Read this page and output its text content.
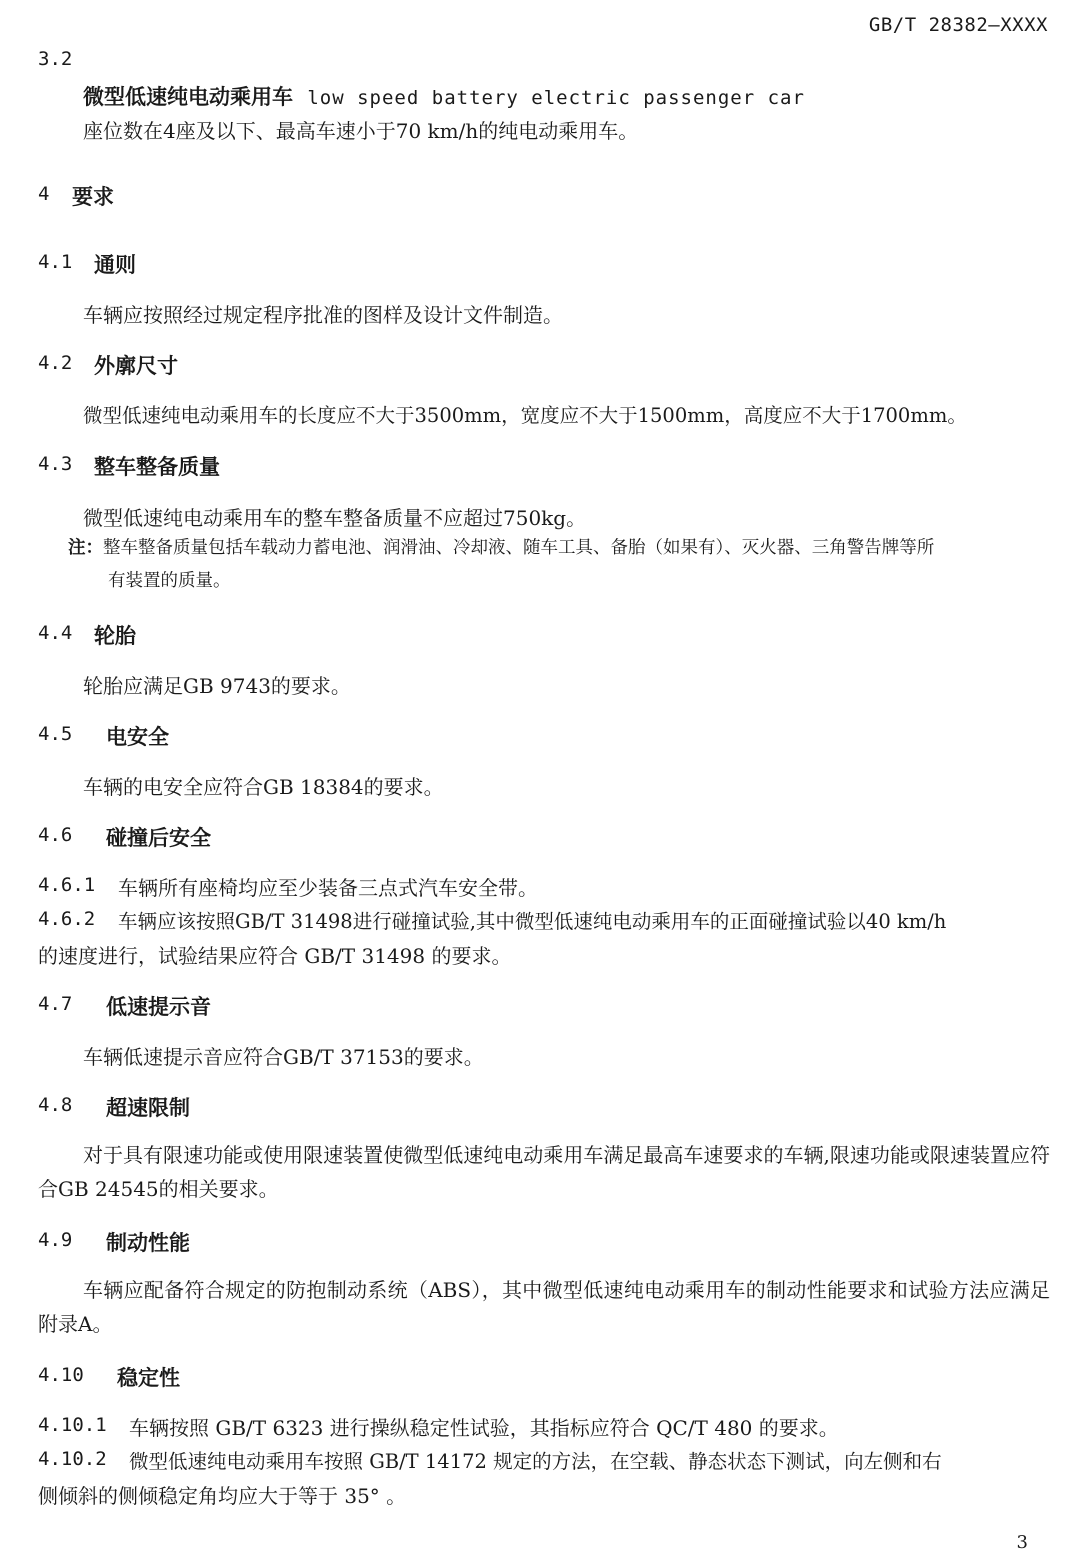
GB/T 28382—XXXX
3.2
微型低速纯电动乘用车 low speed battery electric passenger car
座位数在4座及以下、最高车速小于70 km/h的纯电动乘用车。
4 要求
4.1 通则
车辆应按照经过规定程序批准的图样及设计文件制造。
4.2 外廓尺寸
微型低速纯电动乘用车的长度应不大于3500mm，宽度应不大于1500mm，高度应不大于1700mm。
4.3 整车整备质量
微型低速纯电动乘用车的整车整备质量不应超过750kg。
注：整车整备质量包括车载动力蓄电池、润滑油、冷却液、随车工具、备胎（如果有）、灭火器、三角警告牌等所
有装置的质量。
4.4 轮胎
轮胎应满足GB 9743的要求。
4.5 电安全
车辆的电安全应符合GB 18384的要求。
4.6 碰撞后安全
4.6.1 车辆所有座椅均应至少装备三点式汽车安全带。
4.6.2 车辆应该按照GB/T 31498进行碰撞试验,其中微型低速纯电动乘用车的正面碰撞试验以40 km/h
的速度进行，试验结果应符合 GB/T 31498 的要求。
4.7 低速提示音
车辆低速提示音应符合GB/T 37153的要求。
4.8 超速限制
对于具有限速功能或使用限速装置使微型低速纯电动乘用车满足最高车速要求的车辆,限速功能或限速装置应符合GB 24545的相关要求。
4.9 制动性能
车辆应配备符合规定的防抱制动系统（ABS），其中微型低速纯电动乘用车的制动性能要求和试验方法应满足附录A。
4.10 稳定性
4.10.1 车辆按照 GB/T 6323 进行操纵稳定性试验，其指标应符合 QC/T 480 的要求。
4.10.2 微型低速纯电动乘用车按照 GB/T 14172 规定的方法，在空载、静态状态下测试，向左侧和右
侧倾斜的侧倾稳定角均应大于等于 35° 。
3
